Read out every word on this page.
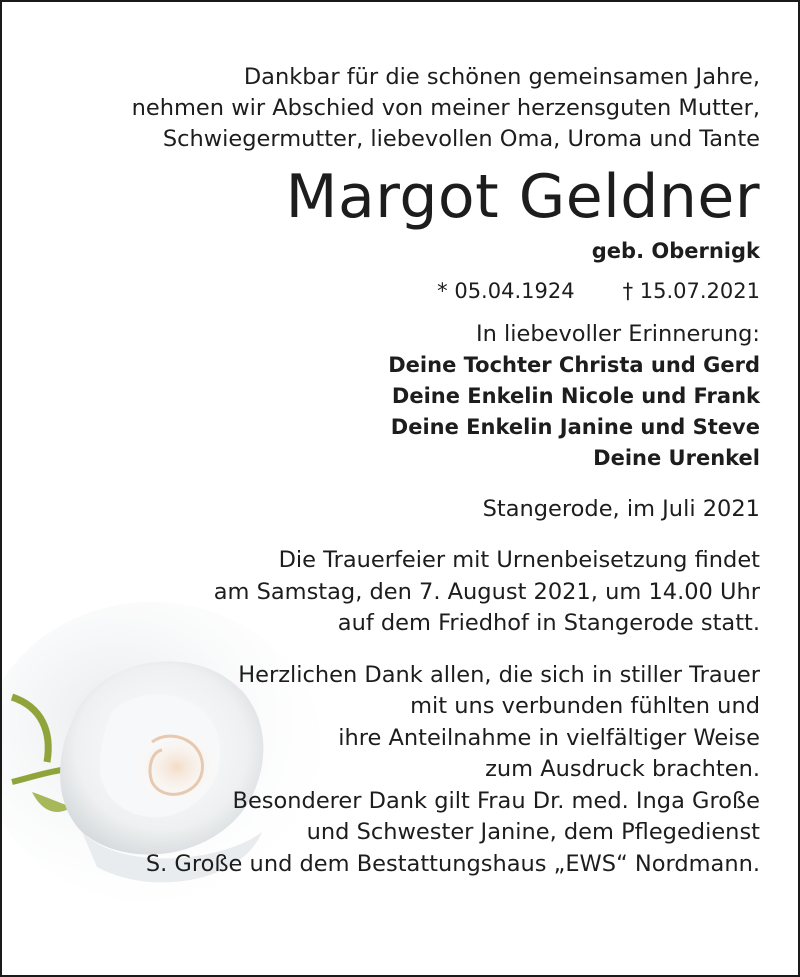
Dankbar für die schönen gemeinsamen Jahre,
nehmen wir Abschied von meiner herzensguten Mutter,
Schwiegermutter, liebevollen Oma, Uroma und Tante

Margot Geldner

geb. Obernigk

* 05.04.1924 † 15.07.2021

In liebevoller Erinnerung:

Deine Tochter Christa und Gerd

Deine Enkelin Nicole und Frank

Deine Enkelin Janine und Steve

Deine Urenkel

Stangerode, im Juli 2021

Die Trauerfeier mit Urnenbeisetzung findet

am Samstag, den 7. August 2021, um 14.00 Uhr

auf dem Friedhof in Stangerode statt.

Herzlichen Dank allen, die sich in stiller Trauer

mit uns verbunden fühlten und

ihre Anteilnahme in vielfältiger Weise

zum Ausdruck brachten.

Besonderer Dank gilt Frau Dr. med. Inga Große

und Schwester Janine, dem Pflegedienst

S. Große und dem Bestattungshaus „EWS“ Nordmann.
